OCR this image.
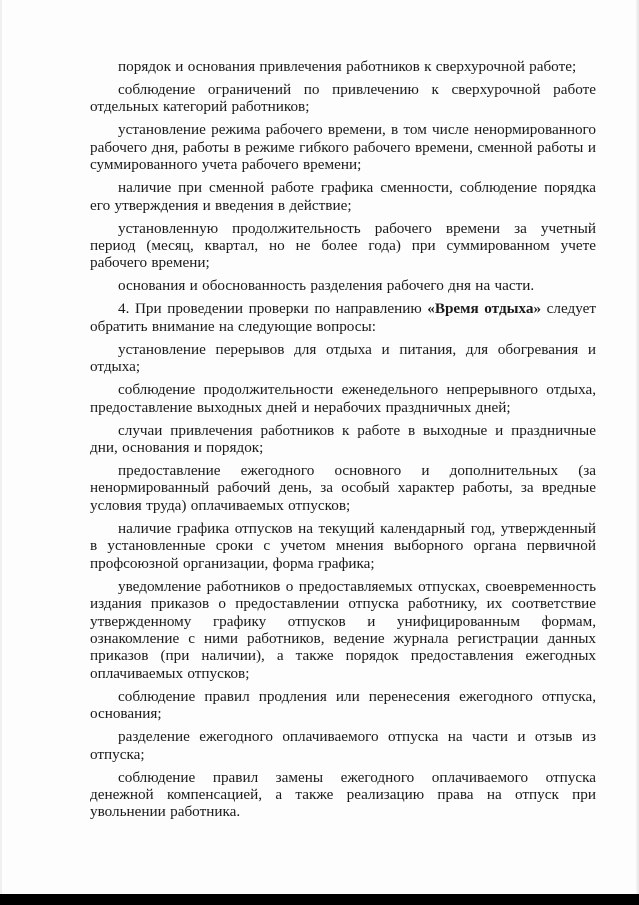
порядок и основания привлечения работников к сверхурочной работе;

соблюдение ограничений по привлечению к сверхурочной работе отдельных категорий работников;

установление режима рабочего времени, в том числе ненормированного рабочего дня, работы в режиме гибкого рабочего времени, сменной работы и суммированного учета рабочего времени;

наличие при сменной работе графика сменности, соблюдение порядка его утверждения и введения в действие;

установленную продолжительность рабочего времени за учетный период (месяц, квартал, но не более года) при суммированном учете рабочего времени;

основания и обоснованность разделения рабочего дня на части.

4. При проведении проверки по направлению «Время отдыха» следует обратить внимание на следующие вопросы:

установление перерывов для отдыха и питания, для обогревания и отдыха;

соблюдение продолжительности еженедельного непрерывного отдыха, предоставление выходных дней и нерабочих праздничных дней;

случаи привлечения работников к работе в выходные и праздничные дни, основания и порядок;

предоставление ежегодного основного и дополнительных (за ненормированный рабочий день, за особый характер работы, за вредные условия труда) оплачиваемых отпусков;

наличие графика отпусков на текущий календарный год, утвержденный в установленные сроки с учетом мнения выборного органа первичной профсоюзной организации, форма графика;

уведомление работников о предоставляемых отпусках, своевременность издания приказов о предоставлении отпуска работнику, их соответствие утвержденному графику отпусков и унифицированным формам, ознакомление с ними работников, ведение журнала регистрации данных приказов (при наличии), а также порядок предоставления ежегодных оплачиваемых отпусков;

соблюдение правил продления или перенесения ежегодного отпуска, основания;

разделение ежегодного оплачиваемого отпуска на части и отзыв из отпуска;

соблюдение правил замены ежегодного оплачиваемого отпуска денежной компенсацией, а также реализацию права на отпуск при увольнении работника.
